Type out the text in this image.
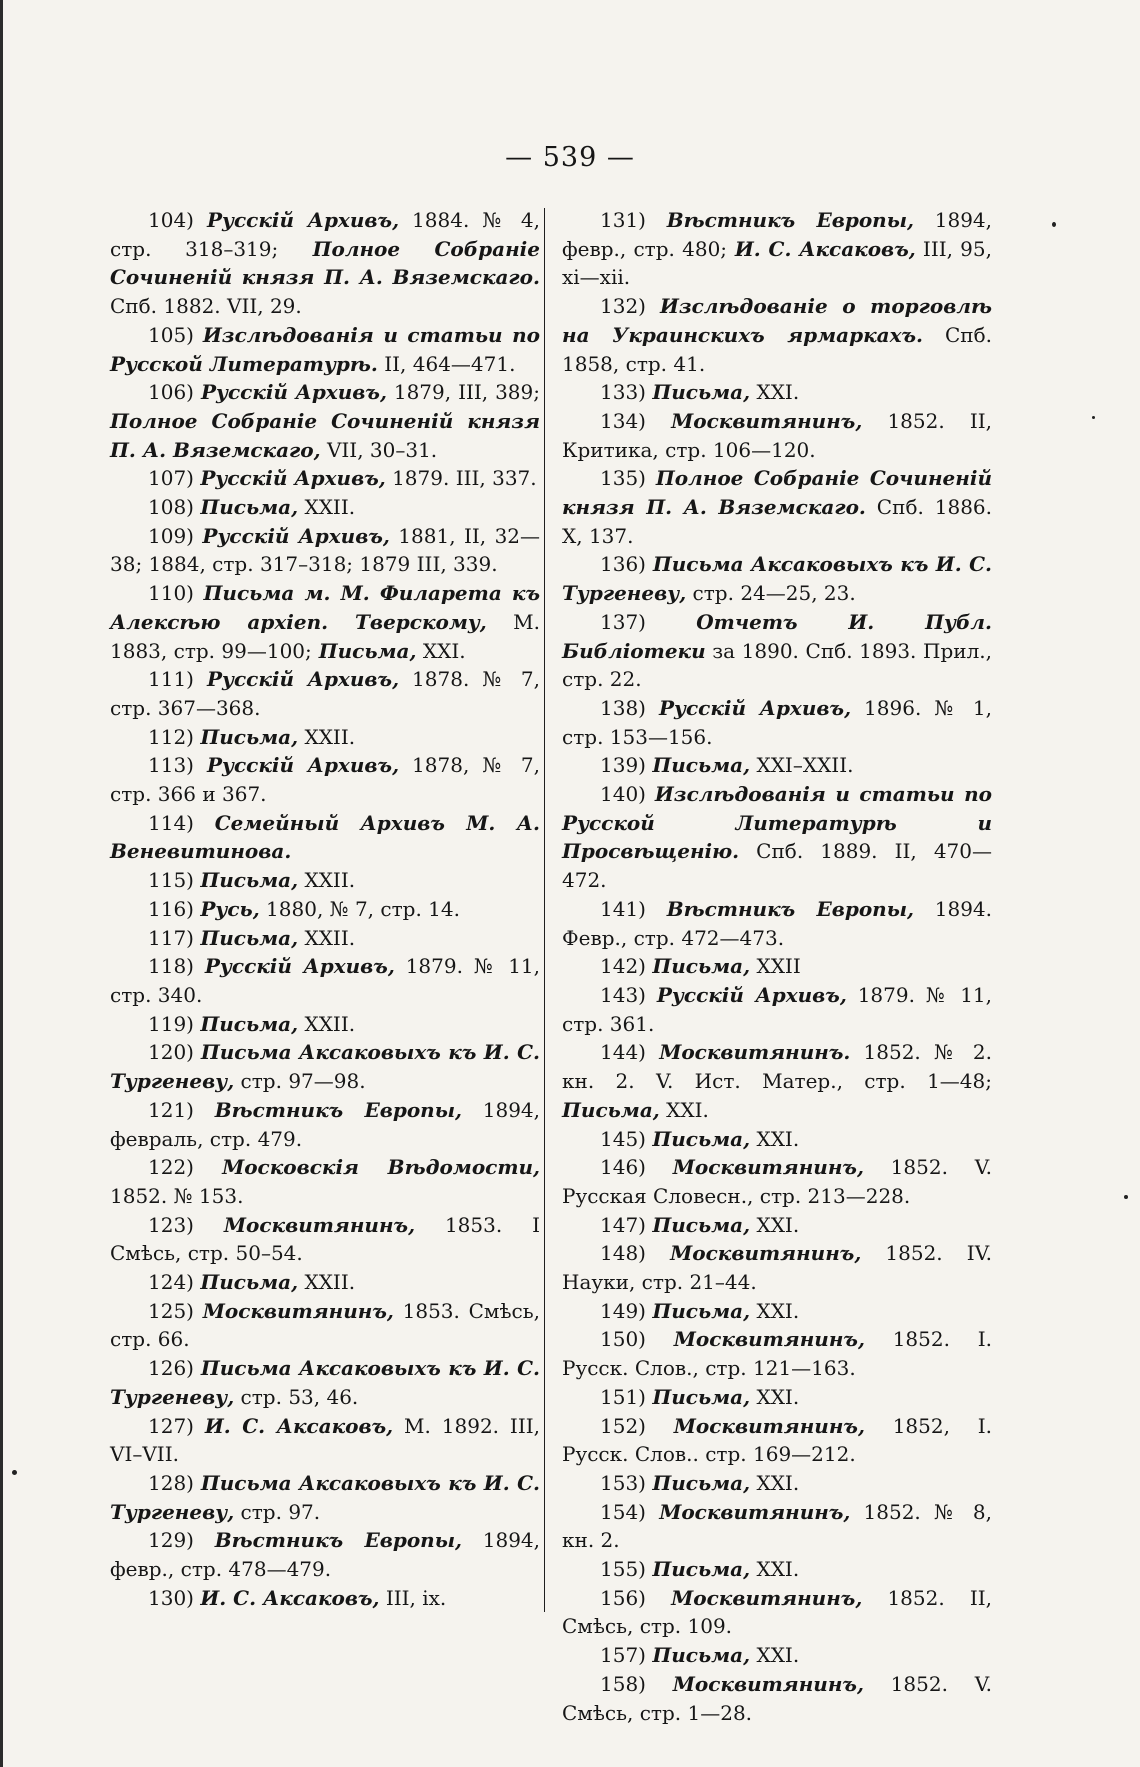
— 539 —

104) Русскій Архивъ, 1884. № 4, стр. 318–319; Полное Собраніе Сочиненій князя П. А. Вяземскаго. Спб. 1882. VII, 29.

105) Изслѣдованія и статьи по Русской Литературѣ. II, 464—471.

106) Русскій Архивъ, 1879, III, 389; Полное Собраніе Сочиненій князя П. А. Вяземскаго, VII, 30–31.

107) Русскій Архивъ, 1879. III, 337.

108) Письма, XXII.

109) Русскій Архивъ, 1881, II, 32—38; 1884, стр. 317–318; 1879 III, 339.

110) Письма м. М. Филарета къ Алексѣю архіеп. Тверскому, М. 1883, стр. 99—100; Письма, XXI.

111) Русскій Архивъ, 1878. № 7, стр. 367—368.

112) Письма, XXII.

113) Русскій Архивъ, 1878, № 7, стр. 366 и 367.

114) Семейный Архивъ М. А. Веневитинова.

115) Письма, XXII.

116) Русь, 1880, № 7, стр. 14.

117) Письма, XXII.

118) Русскій Архивъ, 1879. № 11, стр. 340.

119) Письма, XXII.

120) Письма Аксаковыхъ къ И. С. Тургеневу, стр. 97—98.

121) Вѣстникъ Европы, 1894, февраль, стр. 479.

122) Московскія Вѣдомости, 1852. № 153.

123) Москвитянинъ, 1853. I Смѣсь, стр. 50–54.

124) Письма, XXII.

125) Москвитянинъ, 1853. Смѣсь, стр. 66.

126) Письма Аксаковыхъ къ И. С. Тургеневу, стр. 53, 46.

127) И. С. Аксаковъ, М. 1892. III, VI–VII.

128) Письма Аксаковыхъ къ И. С. Тургеневу, стр. 97.

129) Вѣстникъ Европы, 1894, февр., стр. 478—479.

130) И. С. Аксаковъ, III, ix.

131) Вѣстникъ Европы, 1894, февр., стр. 480; И. С. Аксаковъ, III, 95, xi—xii.

132) Изслѣдованіе о торговлѣ на Украинскихъ ярмаркахъ. Спб. 1858, стр. 41.

133) Письма, XXI.

134) Москвитянинъ, 1852. II, Критика, стр. 106—120.

135) Полное Собраніе Сочиненій князя П. А. Вяземскаго. Спб. 1886. X, 137.

136) Письма Аксаковыхъ къ И. С. Тургеневу, стр. 24—25, 23.

137)	Отчетъ И. Публ. Библіотеки за 1890. Спб. 1893. Прил., стр. 22.

138) Русскій Архивъ, 1896. № 1, стр. 153—156.

139) Письма, XXI–XXII.

140) Изслѣдованія и статьи по Русской Литературѣ и Просвѣщенію. Спб. 1889. II, 470—472.

141) Вѣстникъ Европы, 1894. Февр., стр. 472—473.

142) Письма, XXII

143) Русскій Архивъ, 1879. № 11, стр. 361.

144) Москвитянинъ. 1852. № 2. кн. 2. V. Ист. Матер., стр. 1—48; Письма, XXI.

145) Письма, XXI.

146) Москвитянинъ, 1852. V. Русская Словесн., стр. 213—228.

147) Письма, XXI.

148) Москвитянинъ, 1852. IV. Науки, стр. 21–44.

149) Письма, XXI.

150) Москвитянинъ, 1852. I. Русск. Слов., стр. 121—163.

151) Письма, XXI.

152) Москвитянинъ, 1852, I. Русск. Слов.. стр. 169—212.

153) Письма, XXI.

154) Москвитянинъ, 1852. № 8, кн. 2.

155) Письма, XXI.

156) Москвитянинъ, 1852. II, Смѣсь, стр. 109.

157) Письма, XXI.

158) Москвитянинъ, 1852. V. Смѣсь, стр. 1—28.
